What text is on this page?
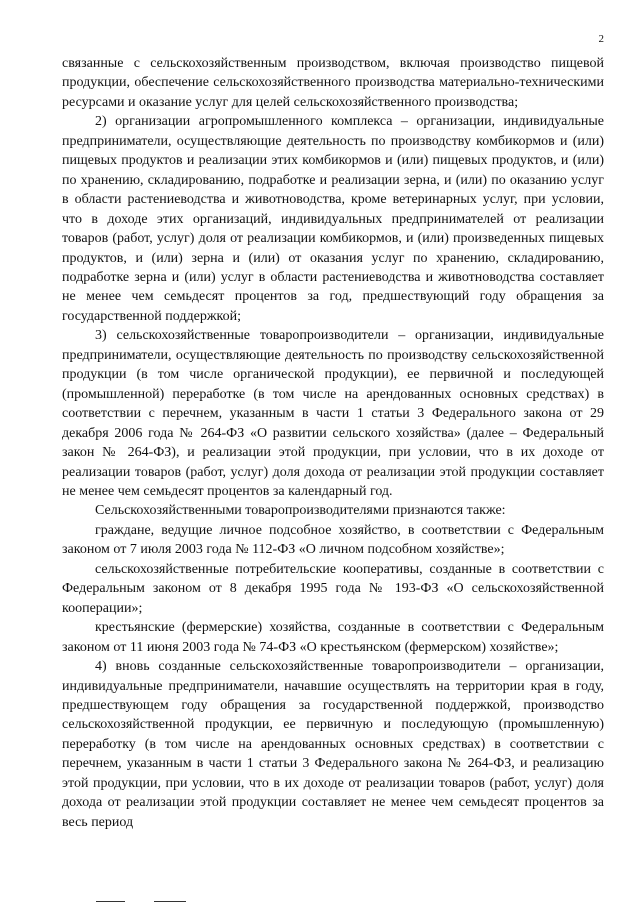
2

связанные с сельскохозяйственным производством, включая производство пищевой продукции, обеспечение сельскохозяйственного производства материально-техническими ресурсами и оказание услуг для целей сельскохозяйственного производства;

2) организации агропромышленного комплекса – организации, индивидуальные предприниматели, осуществляющие деятельность по производству комбикормов и (или) пищевых продуктов и реализации этих комбикормов и (или) пищевых продуктов, и (или) по хранению, складированию, подработке и реализации зерна, и (или) по оказанию услуг в области растениеводства и животноводства, кроме ветеринарных услуг, при условии, что в доходе этих организаций, индивидуальных предпринимателей от реализации товаров (работ, услуг) доля от реализации комбикормов, и (или) произведенных пищевых продуктов, и (или) зерна и (или) от оказания услуг по хранению, складированию, подработке зерна и (или) услуг в области растениеводства и животноводства составляет не менее чем семьдесят процентов за год, предшествующий году обращения за государственной поддержкой;

3) сельскохозяйственные товаропроизводители – организации, индивидуальные предприниматели, осуществляющие деятельность по производству сельскохозяйственной продукции (в том числе органической продукции), ее первичной и последующей (промышленной) переработке (в том числе на арендованных основных средствах) в соответствии с перечнем, указанным в части 1 статьи 3 Федерального закона от 29 декабря 2006 года № 264-ФЗ «О развитии сельского хозяйства» (далее – Федеральный закон № 264-ФЗ), и реализации этой продукции, при условии, что в их доходе от реализации товаров (работ, услуг) доля дохода от реализации этой продукции составляет не менее чем семьдесят процентов за календарный год.

Сельскохозяйственными товаропроизводителями признаются также:

граждане, ведущие личное подсобное хозяйство, в соответствии с Федеральным законом от 7 июля 2003 года № 112-ФЗ «О личном подсобном хозяйстве»;

сельскохозяйственные потребительские кооперативы, созданные в соответствии с Федеральным законом от 8 декабря 1995 года № 193-ФЗ «О сельскохозяйственной кооперации»;

крестьянские (фермерские) хозяйства, созданные в соответствии с Федеральным законом от 11 июня 2003 года № 74-ФЗ «О крестьянском (фермерском) хозяйстве»;

4) вновь созданные сельскохозяйственные товаропроизводители – организации, индивидуальные предприниматели, начавшие осуществлять на территории края в году, предшествующем году обращения за государственной поддержкой, производство сельскохозяйственной продукции, ее первичную и последующую (промышленную) переработку (в том числе на арендованных основных средствах) в соответствии с перечнем, указанным в части 1 статьи 3 Федерального закона № 264-ФЗ, и реализацию этой продукции, при условии, что в их доходе от реализации товаров (работ, услуг) доля дохода от реализации этой продукции составляет не менее чем семьдесят процентов за весь период
